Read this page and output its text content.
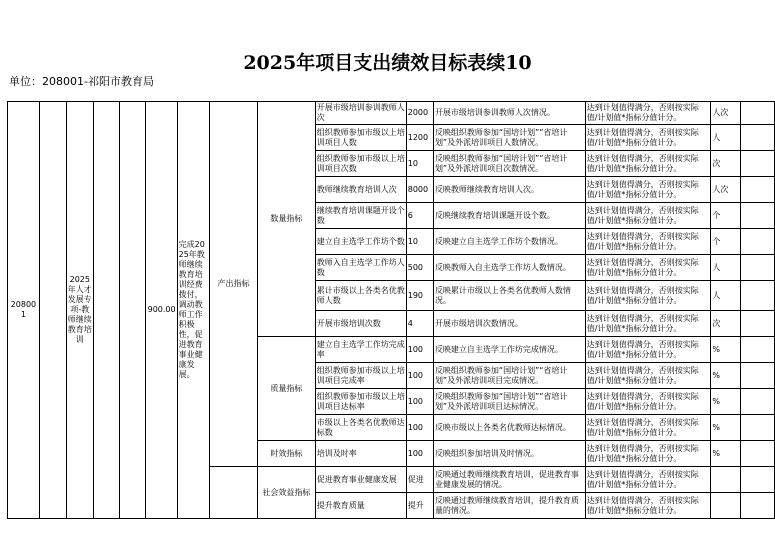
2025年项目支出绩效目标表续10
单位：208001-祁阳市教育局
208001		2025年人才发展专项-教师继续教育培训			900.00	完成2025年教师继续教育培训经费拨付，调动教师工作积极性，促进教育事业健康发展。	产出指标	数量指标	开展市级培训参训教师人次	2000	开展市级培训参训教师人次情况。	达到计划值得满分，否则按实际值/计划值*指标分值计分。	人次	
									组织教师参加市级以上培训项目人数	1200	反映组织教师参加“国培计划”“省培计划”及外派培训项目人数情况。	达到计划值得满分，否则按实际值/计划值*指标分值计分。	人	
									组织教师参加市级以上培训项目次数	10	反映组织教师参加“国培计划”“省培计划”及外派培训项目次数情况。	达到计划值得满分，否则按实际值/计划值*指标分值计分。	次	
									教师继续教育培训人次	8000	反映教师继续教育培训人次。	达到计划值得满分，否则按实际值/计划值*指标分值计分。	人次	
									继续教育培训课题开设个数	6	反映继续教育培训课题开设个数。	达到计划值得满分，否则按实际值/计划值*指标分值计分。	个	
									建立自主选学工作坊个数	10	反映建立自主选学工作坊个数情况。	达到计划值得满分，否则按实际值/计划值*指标分值计分。	个	
									教师入自主选学工作坊人数	500	反映教师入自主选学工作坊人数情况。	达到计划值得满分，否则按实际值/计划值*指标分值计分。	人	
									累计市级以上各类名优教师人数	190	反映累计市级以上各类名优教师人数情况。	达到计划值得满分，否则按实际值/计划值*指标分值计分。	人	
									开展市级培训次数	4	开展市级培训次数情况。	达到计划值得满分，否则按实际值/计划值*指标分值计分。	次	
								质量指标	建立自主选学工作坊完成率	100	反映建立自主选学工作坊完成情况。	达到计划值得满分，否则按实际值/计划值*指标分值计分。	%	
									组织教师参加市级以上培训项目完成率	100	反映组织教师参加“国培计划”“省培计划”及外派培训项目完成情况。	达到计划值得满分，否则按实际值/计划值*指标分值计分。	%	
									组织教师参加市级以上培训项目达标率	100	反映组织教师参加“国培计划”“省培计划”及外派培训项目达标情况。	达到计划值得满分，否则按实际值/计划值*指标分值计分。	%	
									市级以上各类名优教师达标数	100	反映市级以上各类名优教师达标情况。	达到计划值得满分，否则按实际值/计划值*指标分值计分。	%	
								时效指标	培训及时率	100	反映组织参加培训及时情况。	达到计划值得满分，否则按实际值/计划值*指标分值计分。	%	
								社会效益指标	促进教育事业健康发展	促进	反映通过教师继续教育培训，促进教育事业健康发展的情况。	达到计划值得满分，否则按实际值/计划值*指标分值计分。		
									提升教育质量	提升	反映通过教师继续教育培训，提升教育质量的情况。	达到计划值得满分，否则按实际值/计划值*指标分值计分。		
